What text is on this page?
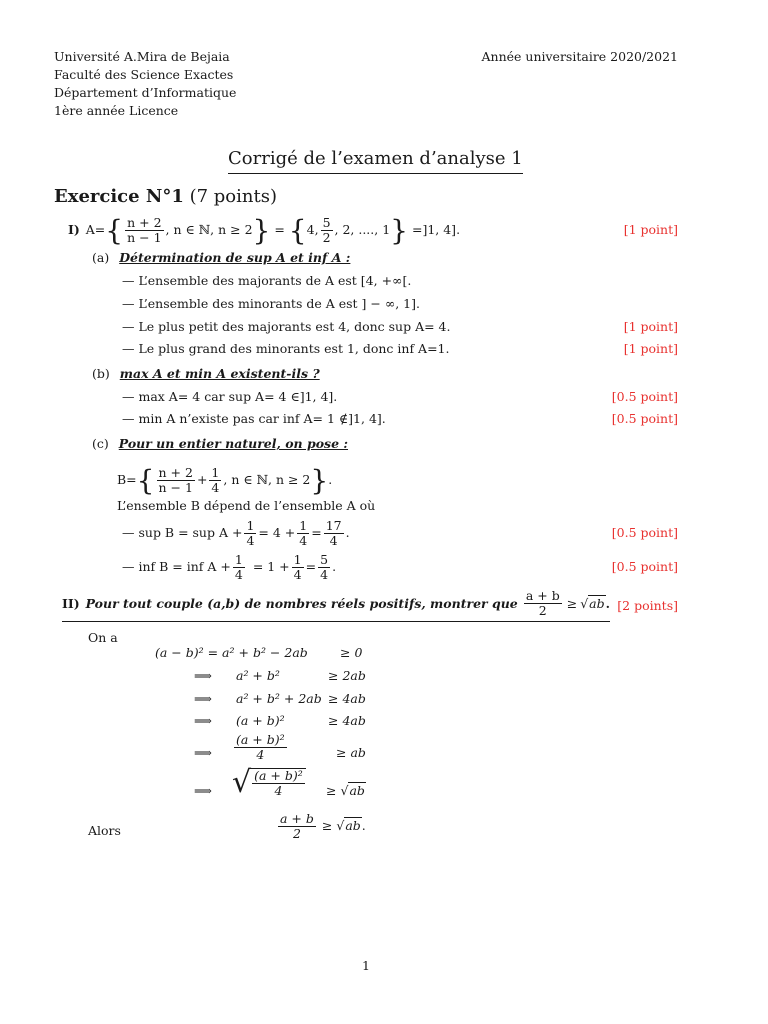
Université A.Mira de Bejaia
Faculté des Science Exactes
Département d’Informatique
1ère année Licence
Année universitaire 2020/2021
Corrigé de l’examen d’analyse 1
Exercice N°1 (7 points)
I) A= { $\frac{n + 2}{n - 1}$ , n ∈ ℕ, n ≥ 2 } = { 4, $\frac{5}{2}$ , 2, ...., 1 } =]1, 4].	[1 point]
(a) Détermination de sup A et inf A :
— L’ensemble des majorants de A est [4, +∞[.
— L’ensemble des minorants de A est ] − ∞, 1].
— Le plus petit des majorants est 4, donc sup A= 4.	[1 point]
— Le plus grand des minorants est 1, donc inf A=1.	[1 point]
(b) max A et min A existent-ils ?
— max A= 4 car sup A= 4 ∈]1, 4].	[0.5 point]
— min A n’existe pas car inf A= 1 ∉]1, 4].	[0.5 point]
(c) Pour un entier naturel, on pose :
B= { $\frac{n + 2}{n - 1} + \frac{1}{4}$ , n ∈ ℕ, n ≥ 2 } .
L’ensemble B dépend de l’ensemble A où
— sup B = sup $A + \frac{1}{4} = 4 + \frac{1}{4} = \frac{17}{4}$ .	[0.5 point]
— inf B = inf $A + \frac{1}{4} = 1 + \frac{1}{4} = \frac{5}{4}$ .	[0.5 point]
II) Pour tout couple (a,b) de nombres réels positifs, montrer que $\frac{a + b}{2} \ge √ab$ . [2 points]
On a
(a − b)² = a² + b² − 2ab	≥ 0
⟹ a² + b²	≥ 2ab
⟹ a² + b² + 2ab ≥ 4ab
⟹ (a + b)²	≥ 4ab
⟹ $\frac{\text{(a + b)²}}{4}$	≥ ab
⟹ √ $\frac{\text{(a + b)²}}{4} \ge √ab$
Alors	$\frac{a + b}{2} \ge √ab$ .
1
